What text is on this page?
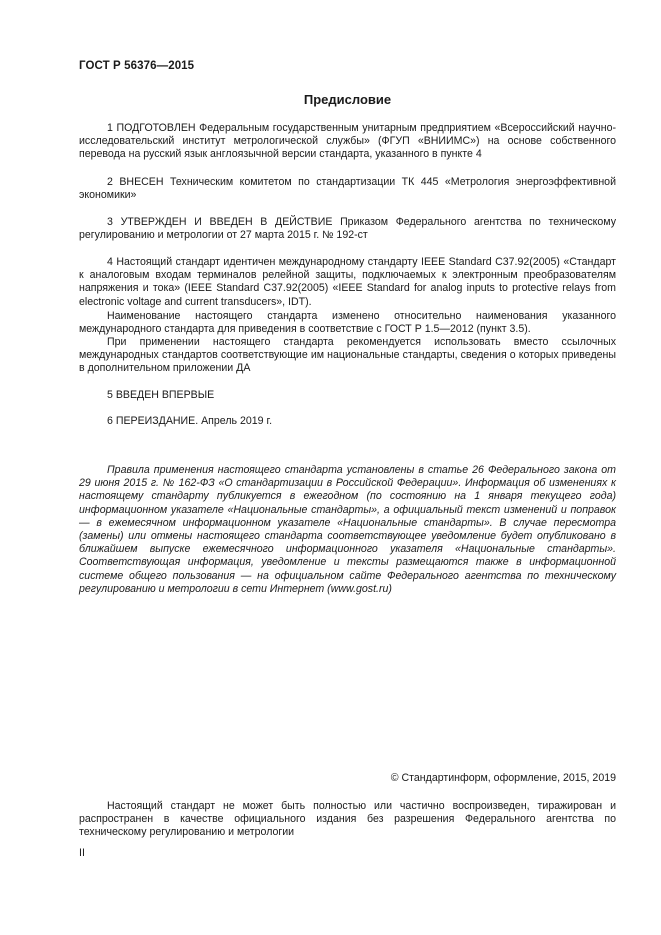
ГОСТ Р 56376—2015
Предисловие

1 ПОДГОТОВЛЕН Федеральным государственным унитарным предприятием «Всероссийский научно-исследовательский институт метрологической службы» (ФГУП «ВНИИМС») на основе собственного перевода на русский язык англоязычной версии стандарта, указанного в пункте 4

2 ВНЕСЕН Техническим комитетом по стандартизации ТК 445 «Метрология энергоэффективной экономики»

3 УТВЕРЖДЕН И ВВЕДЕН В ДЕЙСТВИЕ Приказом Федерального агентства по техническому регулированию и метрологии от 27 марта 2015 г. № 192-ст

4 Настоящий стандарт идентичен международному стандарту IEEE Standard C37.92(2005) «Стандарт к аналоговым входам терминалов релейной защиты, подключаемых к электронным преобразователям напряжения и тока» (IEEE Standard C37.92(2005) «IEEE Standard for analog inputs to protective relays from electronic voltage and current transducers», IDT).

Наименование настоящего стандарта изменено относительно наименования указанного международного стандарта для приведения в соответствие с ГОСТ Р 1.5—2012 (пункт 3.5).

При применении настоящего стандарта рекомендуется использовать вместо ссылочных международных стандартов соответствующие им национальные стандарты, сведения о которых приведены в дополнительном приложении ДА

5 ВВЕДЕН ВПЕРВЫЕ

6 ПЕРЕИЗДАНИЕ. Апрель 2019 г.

Правила применения настоящего стандарта установлены в статье 26 Федерального закона от 29 июня 2015 г. № 162-ФЗ «О стандартизации в Российской Федерации». Информация об изменениях к настоящему стандарту публикуется в ежегодном (по состоянию на 1 января текущего года) информационном указателе «Национальные стандарты», а официальный текст изменений и поправок — в ежемесячном информационном указателе «Национальные стандарты». В случае пересмотра (замены) или отмены настоящего стандарта соответствующее уведомление будет опубликовано в ближайшем выпуске ежемесячного информационного указателя «Национальные стандарты». Соответствующая информация, уведомление и тексты размещаются также в информационной системе общего пользования — на официальном сайте Федерального агентства по техническому регулированию и метрологии в сети Интернет (www.gost.ru)

© Стандартинформ, оформление, 2015, 2019

Настоящий стандарт не может быть полностью или частично воспроизведен, тиражирован и распространен в качестве официального издания без разрешения Федерального агентства по техническому регулированию и метрологии

II
